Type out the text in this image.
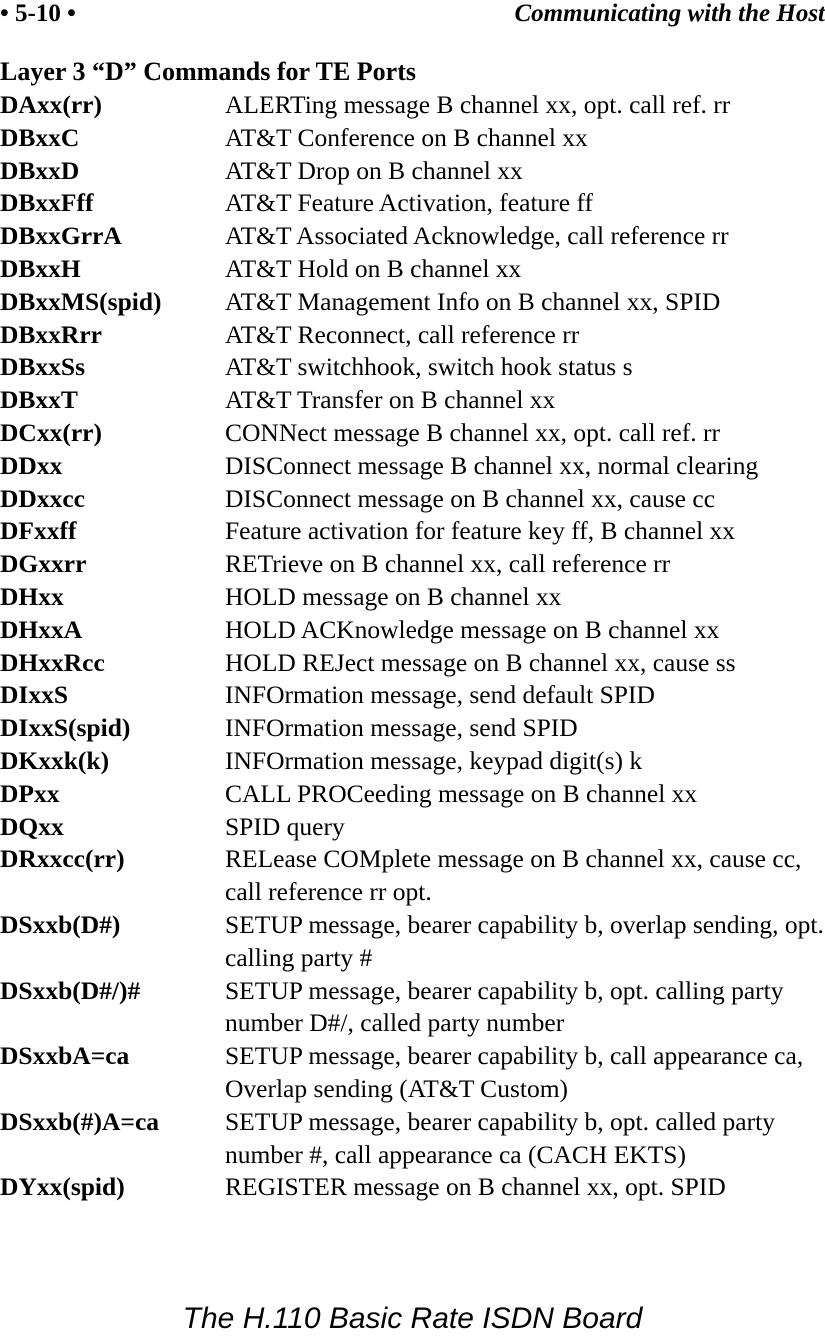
• 5-10 •	Communicating with the Host
Layer 3 “D” Commands for TE Ports
DAxx(rr)	ALERTing message B channel xx, opt. call ref. rr
DBxxC	AT&T Conference on B channel xx
DBxxD	AT&T Drop on B channel xx
DBxxFff	AT&T Feature Activation, feature ff
DBxxGrrA	AT&T Associated Acknowledge, call reference rr
DBxxH	AT&T Hold on B channel xx
DBxxMS(spid)	AT&T Management Info on B channel xx, SPID
DBxxRrr	AT&T Reconnect, call reference rr
DBxxSs	AT&T switchhook, switch hook status s
DBxxT	AT&T Transfer on B channel xx
DCxx(rr)	CONNect message B channel xx, opt. call ref. rr
DDxx	DISConnect message B channel xx, normal clearing
DDxxcc	DISConnect message on B channel xx, cause cc
DFxxff	Feature activation for feature key ff, B channel xx
DGxxrr	RETrieve on B channel xx, call reference rr
DHxx	HOLD message on B channel xx
DHxxA	HOLD ACKnowledge message on B channel xx
DHxxRcc	HOLD REJect message on B channel xx, cause ss
DIxxS	INFOrmation message, send default SPID
DIxxS(spid)	INFOrmation message, send SPID
DKxxk(k)	INFOrmation message, keypad digit(s) k
DPxx	CALL PROCeeding message on B channel xx
DQxx	SPID query
DRxxcc(rr)	RELease COMplete message on B channel xx, cause cc, call reference rr opt.
DSxxb(D#)	SETUP message, bearer capability b, overlap sending, opt. calling party #
DSxxb(D#/)#	SETUP message, bearer capability b, opt. calling party number D#/, called party number
DSxxbA=ca	SETUP message, bearer capability b, call appearance ca, Overlap sending (AT&T Custom)
DSxxb(#)A=ca	SETUP message, bearer capability b, opt. called party number #, call appearance ca (CACH EKTS)
DYxx(spid)	REGISTER message on B channel xx, opt. SPID
The H.110 Basic Rate ISDN Board
